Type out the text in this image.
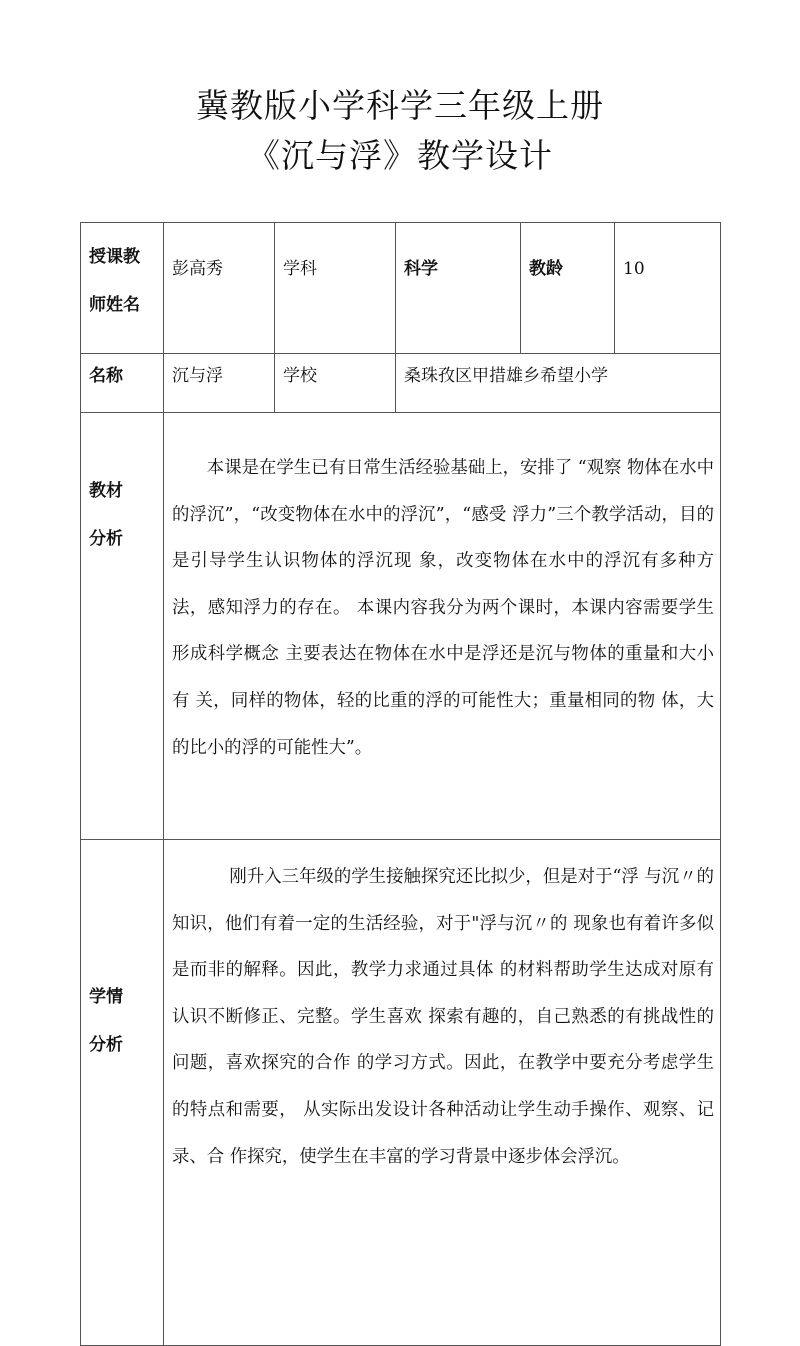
冀教版小学科学三年级上册
《沉与浮》教学设计
授课教
师姓名	彭高秀	学科	科学	教龄	10
名称	沉与浮	学校	桑珠孜区甲措雄乡希望小学		
教材
分析	本课是在学生已有日常生活经验基础上，安排了 “观察 物体在水中的浮沉”，“改变物体在水中的浮沉”，“感受 浮力”三个教学活动，目的是引导学生认识物体的浮沉现 象，改变物体在水中的浮沉有多种方法，感知浮力的存在。 本课内容我分为两个课时，本课内容需要学生形成科学概念 主要表达在物体在水中是浮还是沉与物体的重量和大小有 关，同样的物体，轻的比重的浮的可能性大；重量相同的物 体，大的比小的浮的可能性大”。				
学情
分析	刚升入三年级的学生接触探究还比拟少，但是对于“浮 与沉〃的知识，他们有着一定的生活经验，对于"浮与沉〃的 现象也有着许多似是而非的解释。因此，教学力求通过具体 的材料帮助学生达成对原有认识不断修正、完整。学生喜欢 探索有趣的，自己熟悉的有挑战性的问题，喜欢探究的合作 的学习方式。因此，在教学中要充分考虑学生的特点和需要， 从实际出发设计各种活动让学生动手操作、观察、记录、合 作探究，使学生在丰富的学习背景中逐步体会浮沉。				
